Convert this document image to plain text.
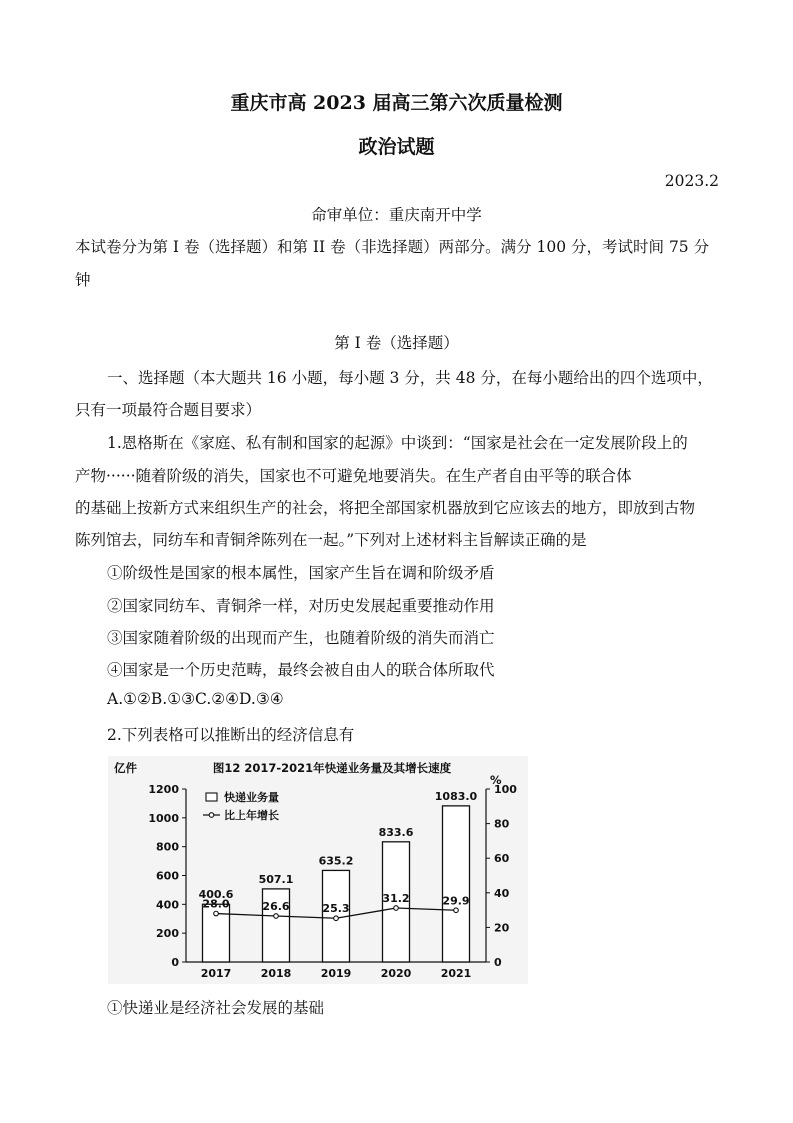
重庆市高 2023 届高三第六次质量检测

政治试题

2023.2

命审单位：重庆南开中学

本试卷分为第 I 卷（选择题）和第 II 卷（非选择题）两部分。满分 100 分，考试时间 75 分

钟

第 I 卷（选择题）

一、选择题（本大题共 16 小题，每小题 3 分，共 48 分，在每小题给出的四个选项中，

只有一项最符合题目要求）

1.恩格斯在《家庭、私有制和国家的起源》中谈到：“国家是社会在一定发展阶段上的

产物······随着阶级的消失，国家也不可避免地要消失。在生产者自由平等的联合体

的基础上按新方式来组织生产的社会，将把全部国家机器放到它应该去的地方，即放到古物

陈列馆去，同纺车和青铜斧陈列在一起。”下列对上述材料主旨解读正确的是

①阶级性是国家的根本属性，国家产生旨在调和阶级矛盾

②国家同纺车、青铜斧一样，对历史发展起重要推动作用

③国家随着阶级的出现而产生，也随着阶级的消失而消亡

④国家是一个历史范畴，最终会被自由人的联合体所取代

A.①②B.①③C.②④D.③④

2.下列表格可以推断出的经济信息有

图12 2017-2021年快递业务量及其增长速度
亿件
%
0
200
400
600
800
1000
1200
0
20
40
60
80
100
400.6
507.1
635.2
833.6
1083.0
28.0	26.6	25.3
31.2	29.9
2017	2018	2019	2020	2021
快递业务量
比上年增长

①快递业是经济社会发展的基础
